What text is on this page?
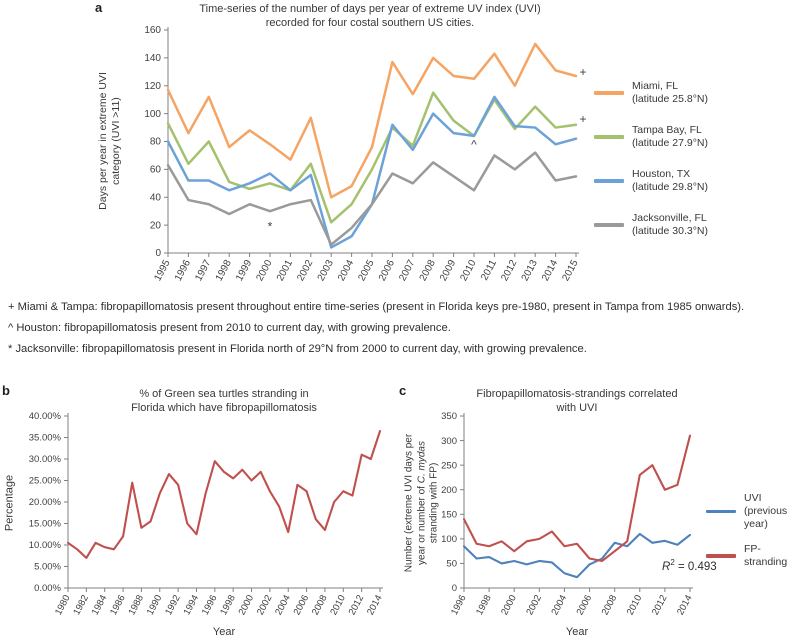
a	Time-series of the number of days per year of extreme UV index (UVI)
recorded for four costal southern US cities.
Days per year in extreme UVI category (UVI >11)
0
20
40
60
80
100
120
140
160
1995 1996 1997 1998 1999 2000 2001 2002 2003 2004 2005 2006 2007 2008 2009 2010 2011 2012 2013 2014 2015
*
^
+
+
Miami, FL
(latitude 25.8°N)
Tampa Bay, FL
(latitude 27.9°N)
Houston, TX
(latitude 29.8°N)
Jacksonville, FL
(latitude 30.3°N)

+ Miami & Tampa: fibropapillomatosis present throughout entire time-series (present in Florida keys pre-1980, present in Tampa from 1985 onwards).

^ Houston: fibropapillomatosis present from 2010 to current day, with growing prevalence.

* Jacksonville: fibropapillomatosis present in Florida north of 29°N from 2000 to current day, with growing prevalence.

b	% of Green sea turtles stranding in
Florida which have fibropapillomatosis
Percentage
0.00%
5.00%
10.00%
15.00%
20.00%
25.00%
30.00%
35.00%
40.00%
1980
1982
1984
1986
1988
1990
1992
1994
1996
1998
2000
2002
2004
2006
2008
2010
2012
2014
Year
c	Fibropapillomatosis-strandings correlated
with UVI
Number (extreme UVI days per year or number of C. mydas
stranding with FP)
0
50
100
150
200
250
300
350
1996 1998 2000 2002 2004 2006 2008 2010 2012 2014
UVI
(previous year)
FP-stranding
$R^2 = 0.493$
Year
